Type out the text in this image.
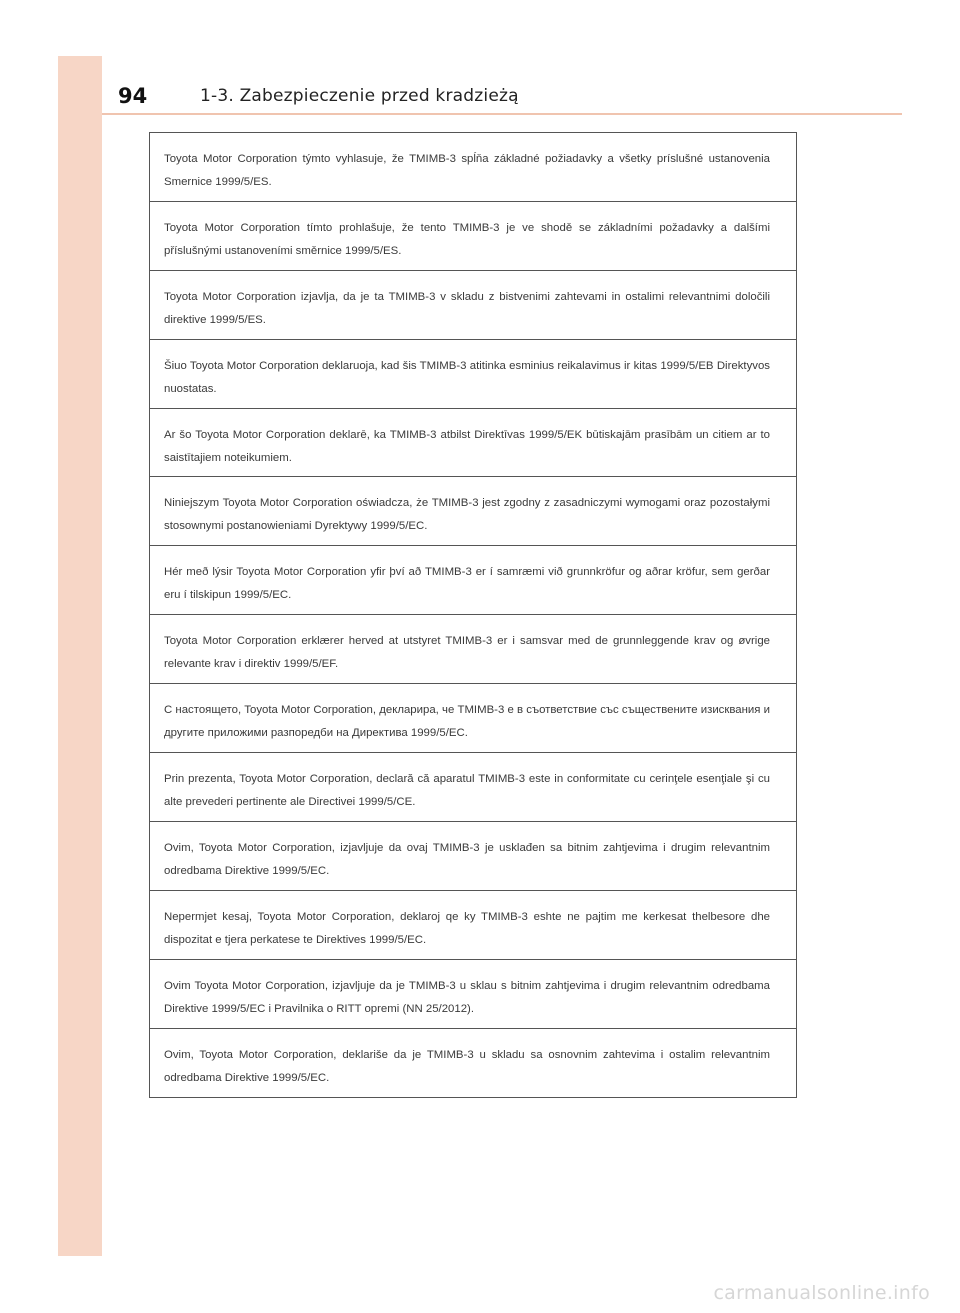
94	1-3. Zabezpieczenie przed kradzieżą
Toyota Motor Corporation týmto vyhlasuje, že TMIMB-3 spĺňa základné požiadavky a všetky príslušné ustanovenia Smernice 1999/5/ES.
Toyota Motor Corporation tímto prohlašuje, že tento TMIMB-3 je ve shodě se základními požadavky a dalšími příslušnými ustanoveními směrnice 1999/5/ES.
Toyota Motor Corporation izjavlja, da je ta TMIMB-3 v skladu z bistvenimi zahtevami in ostalimi relevantnimi določili direktive 1999/5/ES.
Šiuo Toyota Motor Corporation deklaruoja, kad šis TMIMB-3 atitinka esminius reikalavimus ir kitas 1999/5/EB Direktyvos nuostatas.
Ar šo Toyota Motor Corporation deklarē, ka TMIMB-3 atbilst Direktīvas 1999/5/EK būtiskajām prasībām un citiem ar to saistītajiem noteikumiem.
Niniejszym Toyota Motor Corporation oświadcza, że TMIMB-3 jest zgodny z zasadniczymi wymogami oraz pozostałymi stosownymi postanowieniami Dyrektywy 1999/5/EC.
Hér með lýsir Toyota Motor Corporation yfir því að TMIMB-3 er í samræmi við grunnkröfur og aðrar kröfur, sem gerðar eru í tilskipun 1999/5/EC.
Toyota Motor Corporation erklærer herved at utstyret TMIMB-3 er i samsvar med de grunnleggende krav og øvrige relevante krav i direktiv 1999/5/EF.
С настоящето, Toyota Motor Corporation, декларира, че TMIMB-3 е в съответствие със съществените изисквания и другите приложими разпоредби на Директива 1999/5/ЕС.
Prin prezenta, Toyota Motor Corporation, declară că aparatul TMIMB-3 este in conformitate cu cerinţele esenţiale şi cu alte prevederi pertinente ale Directivei 1999/5/CE.
Ovim, Toyota Motor Corporation, izjavljuje da ovaj TMIMB-3 je usklađen sa bitnim zahtjevima i drugim relevantnim odredbama Direktive 1999/5/EC.
Nepermjet kesaj, Toyota Motor Corporation, deklaroj qe ky TMIMB-3 eshte ne pajtim me kerkesat thelbesore dhe dispozitat e tjera perkatese te Direktives 1999/5/EC.
Ovim Toyota Motor Corporation, izjavljuje da je TMIMB-3 u sklau s bitnim zahtjevima i drugim relevantnim odredbama Direktive 1999/5/EC i Pravilnika o RITT opremi (NN 25/2012).
Ovim, Toyota Motor Corporation, deklariše da je TMIMB-3 u skladu sa osnovnim zahtevima i ostalim relevantnim odredbama Direktive 1999/5/EC.
carmanualsonline.info
